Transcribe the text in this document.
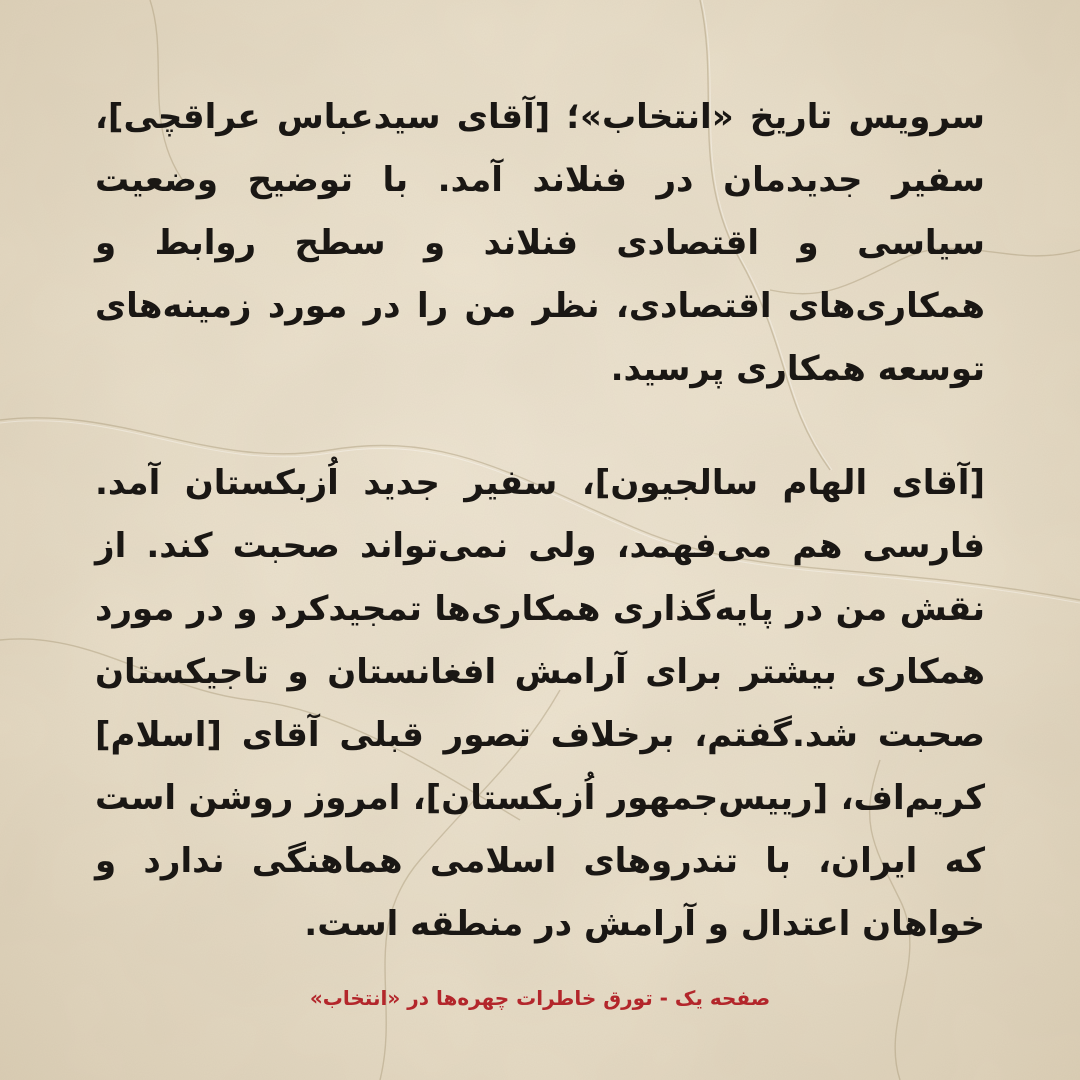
سرویس تاریخ «انتخاب»؛ [آقای سیدعباس عراقچی]، سفیر جدیدمان در فنلاند آمد. با توضیح وضعیت سیاسی و اقتصادی فنلاند و سطح روابط و همکاری‌های اقتصادی، نظر من را در مورد زمینه‌های توسعه همکاری پرسید.

[آقای الهام سالجیون]، سفیر جدید اُزبکستان آمد. فارسی هم می‌فهمد، ولی نمی‌تواند صحبت کند. از نقش من در پایه‌گذاری همکاری‌ها تمجیدکرد و در مورد همکاری بیشتر برای آرامش افغانستان و تاجیکستان صحبت شد.گفتم، برخلاف تصور قبلی آقای [اسلام] کریم‌اف، [رییس‌جمهور اُزبکستان]، امروز روشن است که ایران، با تندروهای اسلامی هماهنگی ندارد و خواهان اعتدال و آرامش در منطقه است.

صفحه یک - تورق خاطرات چهره‌ها در «انتخاب»
